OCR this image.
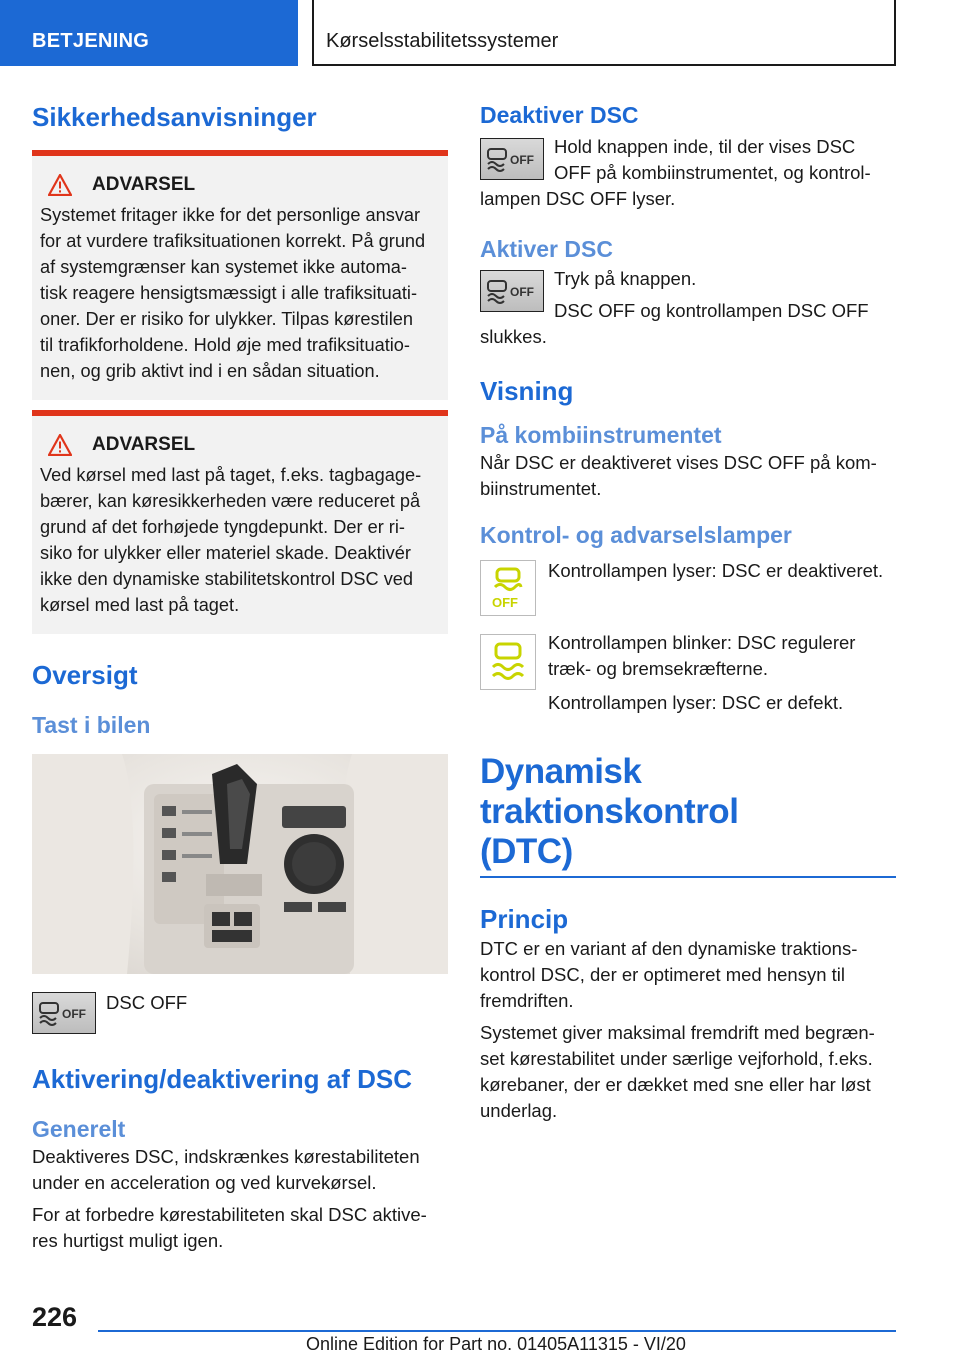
BETJENING	Kørselsstabilitetssystemer
Sikkerhedsanvisninger
ADVARSEL
Systemet fritager ikke for det personlige ansvar
for at vurdere trafiksituationen korrekt. På grund
af systemgrænser kan systemet ikke automa-
tisk reagere hensigtsmæssigt i alle trafiksituati-
oner. Der er risiko for ulykker. Tilpas kørestilen
til trafikforholdene. Hold øje med trafiksituatio-
nen, og grib aktivt ind i en sådan situation.
ADVARSEL
Ved kørsel med last på taget, f.eks. tagbagage-
bærer, kan køresikkerheden være reduceret på
grund af det forhøjede tyngdepunkt. Der er ri-
siko for ulykker eller materiel skade. Deaktivér
ikke den dynamiske stabilitetskontrol DSC ved
kørsel med last på taget.
Oversigt
Tast i bilen
OFF
DSC OFF
Aktivering/deaktivering af DSC
Generelt
Deaktiveres DSC, indskrænkes kørestabiliteten
under en acceleration og ved kurvekørsel.
For at forbedre kørestabiliteten skal DSC aktive-
res hurtigst muligt igen.
Deaktiver DSC
OFF
Hold knappen inde, til der vises DSC
OFF på kombiinstrumentet, og kontrol-
lampen DSC OFF lyser.
Aktiver DSC
OFF
Tryk på knappen.
DSC OFF og kontrollampen DSC OFF
slukkes.
Visning
På kombiinstrumentet
Når DSC er deaktiveret vises DSC OFF på kom-
biinstrumentet.
Kontrol- og advarselslamper
OFF
Kontrollampen lyser: DSC er deaktiveret.
Kontrollampen blinker: DSC regulerer
træk- og bremsekræfterne.
Kontrollampen lyser: DSC er defekt.
Dynamisk traktionskontrol
(DTC)
Princip
DTC er en variant af den dynamiske traktions-
kontrol DSC, der er optimeret med hensyn til
fremdriften.
Systemet giver maksimal fremdrift med begræn-
set kørestabilitet under særlige vejforhold, f.eks.
kørebaner, der er dækket med sne eller har løst
underlag.
226
Online Edition for Part no. 01405A11315 - VI/20
